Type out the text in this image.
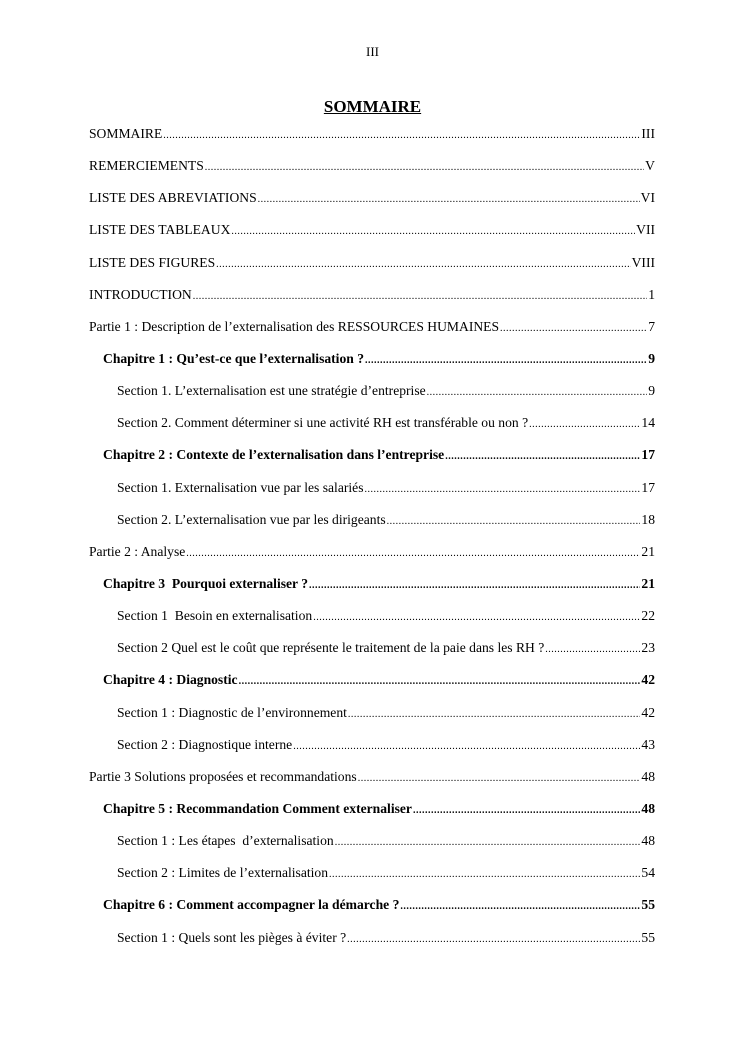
III
SOMMAIRE
SOMMAIRE .....	III
REMERCIEMENTS .....	V
LISTE DES ABREVIATIONS .....	VI
LISTE DES TABLEAUX .....	VII
LISTE DES FIGURES .....	VIII
INTRODUCTION .....	1
Partie 1 : Description de l’externalisation des RESSOURCES HUMAINES .....	7
Chapitre 1 : Qu’est-ce que l’externalisation ? .....	9
Section 1. L’externalisation est une stratégie d’entreprise .....	9
Section 2. Comment déterminer si une activité RH est transférable ou non ? .....	14
Chapitre 2 : Contexte de l’externalisation dans l’entreprise .....	17
Section 1. Externalisation vue par les salariés .....	17
Section 2. L’externalisation vue par les dirigeants .....	18
Partie 2 : Analyse .....	21
Chapitre 3  Pourquoi externaliser ? .....	21
Section 1  Besoin en externalisation .....	22
Section 2 Quel est le coût que représente le traitement de la paie dans les RH ? .....	23
Chapitre 4 : Diagnostic .....	42
Section 1 : Diagnostic de l’environnement .....	42
Section 2 : Diagnostique interne .....	43
Partie 3 Solutions proposées et recommandations .....	48
Chapitre 5 : Recommandation Comment externaliser .....	48
Section 1 : Les étapes  d’externalisation .....	48
Section 2 : Limites de l’externalisation .....	54
Chapitre 6 : Comment accompagner la démarche ? .....	55
Section 1 : Quels sont les pièges à éviter ? .....	55
